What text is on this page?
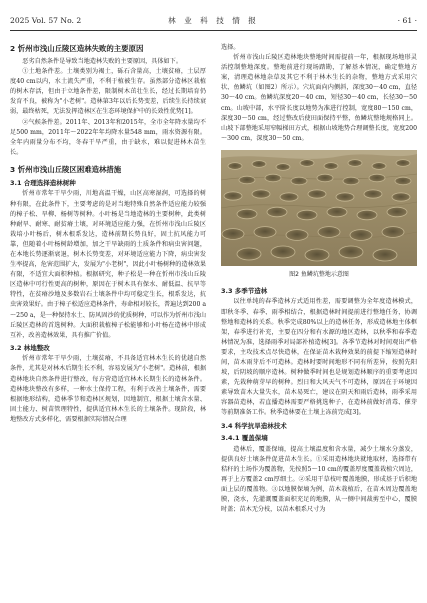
2025 Vol. 57 No. 2	林 业 科 技 情 报	· 61 ·
2 忻州市浅山丘陵区造林失败的主要原因

恶劣自然条件是导致当地造林失败的主要原因，具体如下。

①土地条件差。土壤类别为褐土，砾石含量高，土壤贫瘠，土层厚度40 cm以内，水土流失严重，不利于植被生存。虽然部分造林区栽植的树木存活，但由于立地条件差，限制树木茁壮生长，经过长期培育仍发育不良，被称为"小老树"。造林第3年以后长势变差，后续生长持续衰弱，最终枯死，无法发挥造林区在生态环境保护中的长效性优势[1]。

②气候条件差。2011年、2013年和2015年，全市全年降水量均不足500 mm，2011年～2022年年均降水量548 mm，雨水资源有限。全年内雨量分布不均，冬春干旱严重，由于缺水，难以促进林木苗生长。

3 忻州市浅山丘陵区困难造林措施
3.1 合理选择造林树种

忻州市常年干旱少雨，川地高温干燥，山区高寒湿润，可选择的树种有限，在此条件下，主要考虑的是对当地特殊自然条件适应能力较强的樟子松、旱柳、杨树等树种。小叶杨是当地造林的主要树种，此类树种耐旱、耐寒、耐贫瘠土壤，对环境适应能力强，在忻州市浅山丘陵区栽培小叶杨后，树木根系发达，造林前期长势良好，固土抗风能力可靠，但随着小叶杨树龄增加，加之干旱缺雨的土质条件和病虫害问题，在本地长势逐渐衰退，树木长势变差，对环境适应能力下降，病虫害发生率提高，危害范围扩大，发展为"小老树"，因此小叶杨树种的造林效果有限，不适宜大面积种植。根据研究，种子松是一种在忻州市浅山丘陵区造林中可行性更高的树种，原因在于树木具有保水、耐低温、抗旱等特性，在贫瘠沙地及多数岩石土壤条件中均可稳定生长，根系发达，抗虫害效果好。由于樟子松适应造林条件，寿命相对较长，普遍达到200 a～250 a，是一种保持水土、防风固沙的优质树种，可以作为忻州市浅山丘陵区造林的首选树种。大面积栽植樟子松能够和小叶杨在造林中形成互补，改善造林效果，具有推广价值。

3.2 林地整改

忻州市常年干旱少雨，土壤贫瘠，不具备适宜林木生长的优越自然条件，尤其是对林木后期生长不利，容易发展为"小老树"。造林前，根据造林地块自然条件进行整改，每方营造适宜林木长期生长的造林条件。造林地块整改有多样，一种水土保持工程，有利于改善土壤条件，需要根据地形结构，造林季节和造林区规划，因地制宜，根据土壤含水量、固土能力、树苗管理特性，提供适宜林木生长的土壤条件。现阶段，林地整改方式多样化，需要根据实际情况合理

选择。

忻州市浅山丘陵区造林地块整地时间需提前一年，根据现场地形灵活控制整地深度。整地前进行现场踏勘，了解基本情况，确定整地方案，清理造林地杂草及其它不利于林木生长的杂物，整地方式采用穴状、鱼鳞坑（如图2）所示）。穴坑面向内侧斜，深度30～40 cm，直径30～40 cm。鱼鳞坑深度20～40 cm，短径30～40 cm，长径30～50 cm。山坡中部，水平阶长度以地势为准进行控制，宽度80～150 cm，深度30～50 cm，经过整改后使田面保持平整，鱼鳞坑整地规格同上。山坡下部整地采用窄幅梯田方式，根据山坡地势合理调整长度，宽度200～300 cm，深度30～50 cm。

图2 鱼鳞坑整地示意图
3.3 多季节造林

以往单纯的春季造林方式适用性差，需要调整为全年度造林模式，即秋冬季、春季、雨季相结合，根据造林时间提前进行整地任务，协调整地和造林的关系。秋季完成80%以上的造林任务，形成造林地主体框架，春季进行补充，主要在四分和有水源的地区造林，以秋季和春季造林情况为准，选择雨季对局部补植造林[3]。各季节造林对时间观出严格要求，主攻技术点尽快造林，在保证苗木栽种效果的前提下缩短造林时间，苗木雨芽后不可造林。造林时要时间地形不同有所差异，按照先阳坡，后阴坡的顺序造林。树种做季时间也是规划造林顺序的重要考虑因素，先栽种萌芽早的树种。烈日和大风天气不可造林，原因在于环境因素导致苗木大量失水，苗木易死亡，建议在阴天和雨后造林，雨季采用容器苗造林，若直播造林需要严格挑选种子，在造林前做好消毒、催芽等前期准备工作。秋季造林要在土壤上冻前完成[3]。

3.4 科学抗旱造林技术
3.4.1 覆盖保墒

造林后，覆盖保墒，提高土壤温度和含水量，减少土壤水分蒸发，提供良好土壤条件促进苗木生长。①采用造林地块就地取材，选择带有秸秆的土场作为覆盖物，先按照5～10 cm的覆盖厚度覆盖栽植穴周边，再于上方覆盖2 cm厚细土。②采用干草枝叶覆盖地膜，形成基于后积地面上层的覆盖物。③以地膜保墒为例，苗木栽植后，在苗木周边覆盖地膜，浇水，先灌溉覆盖面积充足的地膜，从一侧中间裁剪至中心，覆膜时盖；苗木无分枝，以苗木根系尺寸为
